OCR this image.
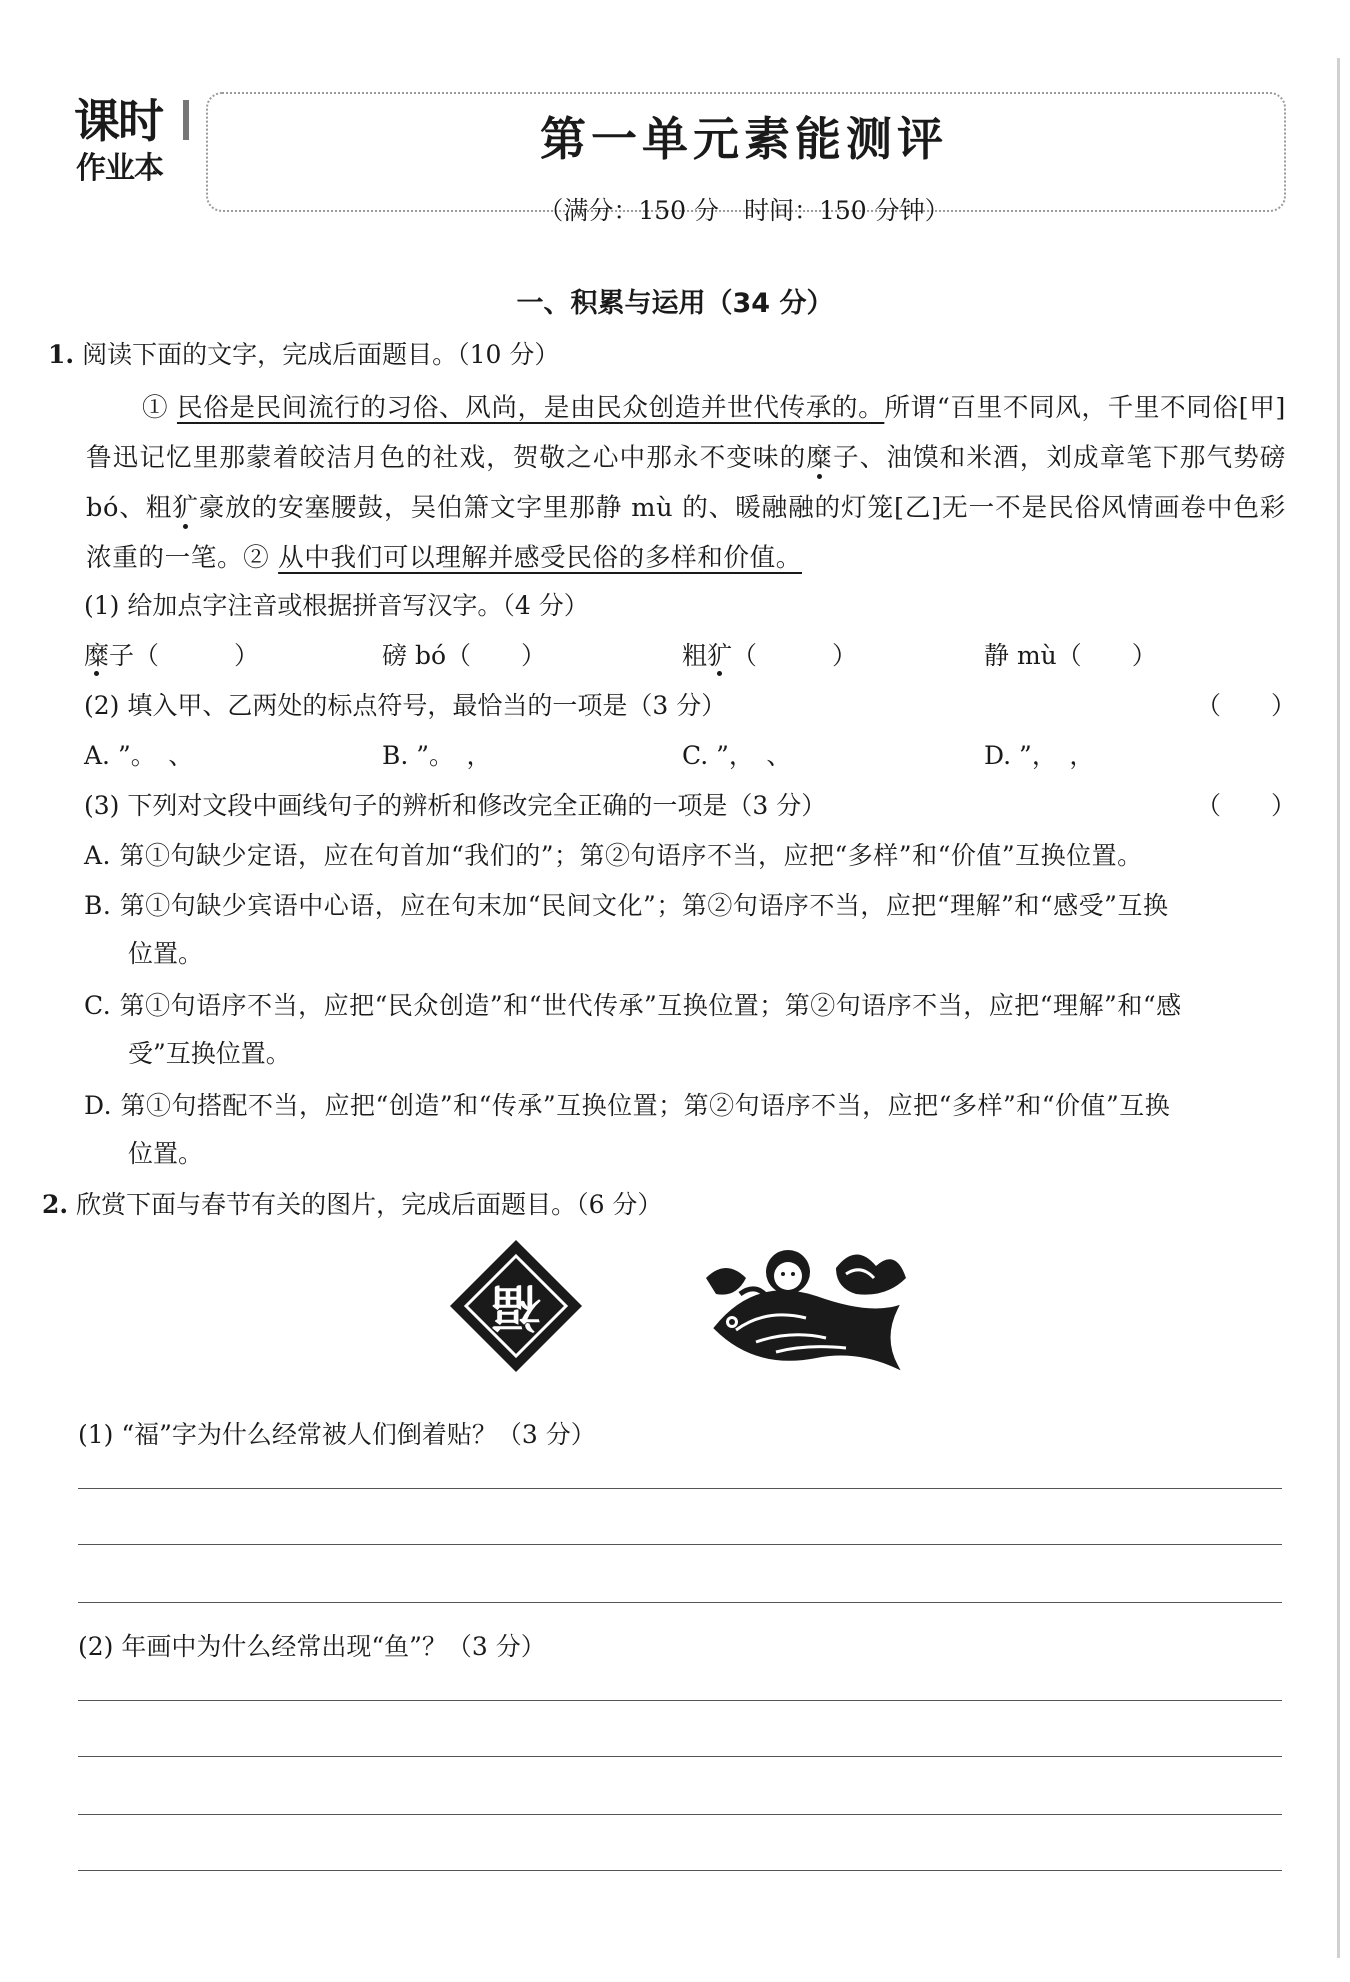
课时
作业本
第一单元素能测评
（满分：150 分　时间：150 分钟）
一、积累与运用（34 分）
1. 阅读下面的文字，完成后面题目。（10 分）
① 民俗是民间流行的习俗、风尚，是由民众创造并世代传承的。所谓“百里不同风，千里不同俗[甲]鲁迅记忆里那蒙着皎洁月色的社戏，贺敬之心中那永不变味的糜子、油馍和米酒，刘成章笔下那气势磅 bó、粗犷豪放的安塞腰鼓，吴伯箫文字里那静 mù 的、暖融融的灯笼[乙]无一不是民俗风情画卷中色彩浓重的一笔。② 从中我们可以理解并感受民俗的多样和价值。
(1) 给加点字注音或根据拼音写汉字。（4 分）
糜子（　　　）	磅 bó（　　）	粗犷（　　　）	静 mù（　　）
(2) 填入甲、乙两处的标点符号，最恰当的一项是（3 分）	（　　）
A. ”。　、	B. ”。　，	C. ”，　、	D. ”，　，
(3) 下列对文段中画线句子的辨析和修改完全正确的一项是（3 分）	（　　）
A. 第①句缺少定语，应在句首加“我们的”；第②句语序不当，应把“多样”和“价值”互换位置。
B. 第①句缺少宾语中心语，应在句末加“民间文化”；第②句语序不当，应把“理解”和“感受”互换
位置。
C. 第①句语序不当，应把“民众创造”和“世代传承”互换位置；第②句语序不当，应把“理解”和“感
受”互换位置。
D. 第①句搭配不当，应把“创造”和“传承”互换位置；第②句语序不当，应把“多样”和“价值”互换
位置。
2. 欣赏下面与春节有关的图片，完成后面题目。（6 分）
福
(1) “福”字为什么经常被人们倒着贴？（3 分）
(2) 年画中为什么经常出现“鱼”？（3 分）
